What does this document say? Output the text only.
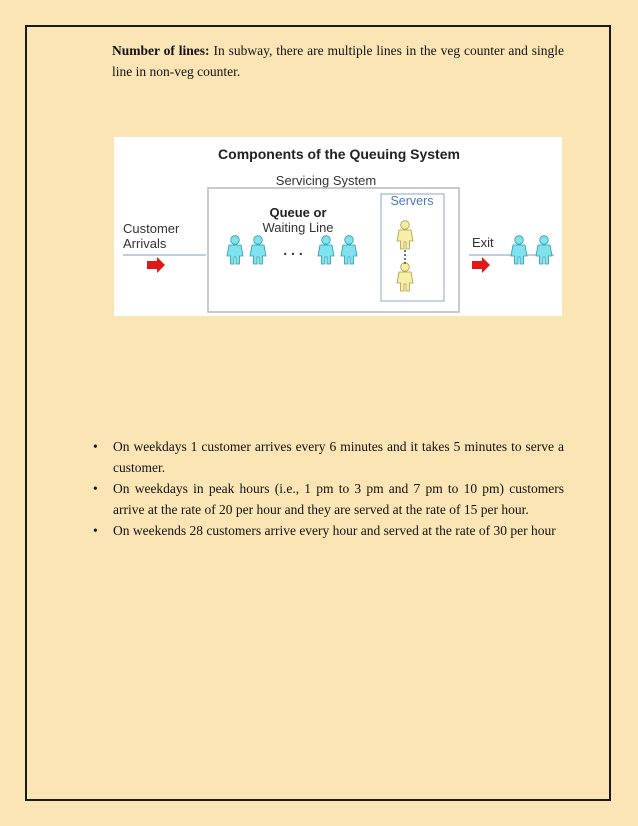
Number of lines: In subway, there are multiple lines in the veg counter and single line in non-veg counter.

Components of the Queuing System
Servicing System
Servers
Queue or
Waiting Line
Customer
Arrivals	Exit
. . .
•	On weekdays 1 customer arrives every 6 minutes and it takes 5 minutes to serve a customer.
•	On weekdays in peak hours (i.e., 1 pm to 3 pm and 7 pm to 10 pm) customers arrive at the rate of 20 per hour and they are served at the rate of 15 per hour.
•	On weekends 28 customers arrive every hour and served at the rate of 30 per hour
